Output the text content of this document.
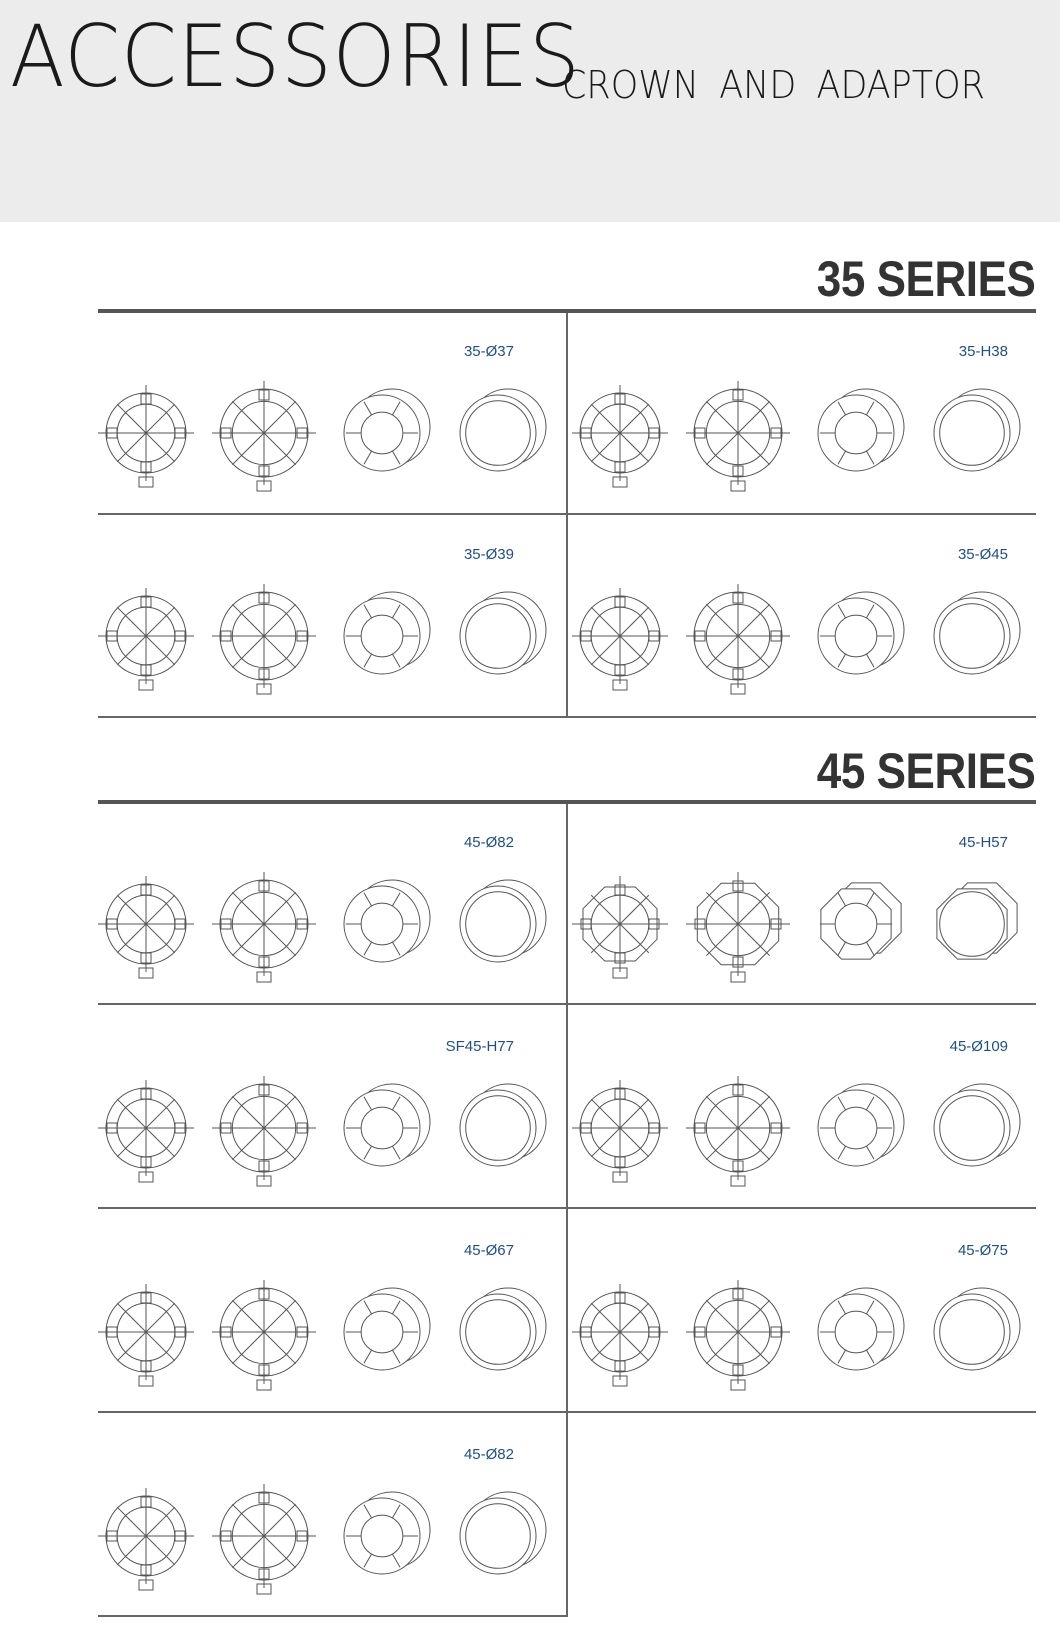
ACCESSORIES
CROWN AND ADAPTOR
35 SERIES
35-Ø37	35-H38
35-Ø39	35-Ø45
45 SERIES
45-Ø82	45-H57
SF45-H77	45-Ø109
45-Ø67	45-Ø75
45-Ø82
